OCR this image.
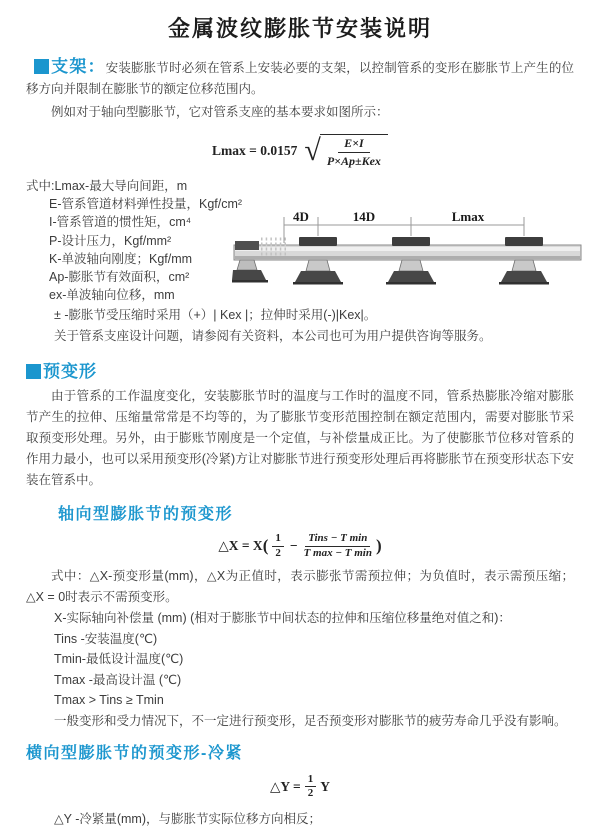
金属波纹膨胀节安装说明

支架：安装膨胀节时必须在管系上安装必要的支架，以控制管系的变形在膨胀节上产生的位移方向并限制在膨胀节的额定位移范围内。

例如对于轴向型膨胀节，它对管系支座的基本要求如图所示：

Lmax = 0.0157 √ $\frac{E\times I}{\text{P×Ap±Kex}}$
式中:Lmax-最大导向间距，m
E-管系管道材料弹性投量，Kgf/cm²
I-管系管道的惯性矩，cm⁴
P-设计压力，Kgf/mm²
K-单波轴向刚度；Kgf/mm
Ap-膨胀节有效面积，cm²
ex-单波轴向位移，mm
4D	14D	Lmax
± -膨胀节受压缩时采用（+）| Kex |；拉伸时采用(-)|Kex|。
关于管系支座设计问题，请参阅有关资料，本公司也可为用户提供咨询等服务。
预变形

由于管系的工作温度变化，安装膨胀节时的温度与工作时的温度不同，管系热膨胀冷缩对膨胀节产生的拉伸、压缩量常常是不均等的，为了膨胀节变形范围控制在额定范围内，需要对膨胀节采取预变形处理。另外，由于膨账节刚度是一个定值，与补偿量成正比。为了使膨胀节位移对管系的作用力最小，也可以采用预变形(冷紧)方让对膨胀节进行预变形处理后再将膨胀节在预变形状态下安装在管系中。

轴向型膨胀节的预变形
△X = X ( $\frac{1}{2} - \frac{\text{Tins − T min}}{\text{T max − T min}}$ )

式中：△X-预变形量(mm)，△X为正值时，表示膨张节需预拉伸；为负值时，表示需预压缩；△X = 0时表示不需预变形。

X-实际轴向补偿量 (mm) (相对于膨胀节中间状态的拉伸和压缩位移量绝对值之和)：
Tins -安装温度(℃)
Tmin-最低设计温度(℃)
Tmax -最高设计温 (℃)
Tmax > Tins ≥ Tmin
一般变形和受力情况下，不一定进行预变形，足否预变形对膨胀节的疲劳寿命几乎没有影响。
横向型膨胀节的预变形-冷紧
△Y = $\frac{1}{2}$ Y
△Y -冷紧量(mm)，与膨胀节实际位移方向相反；
